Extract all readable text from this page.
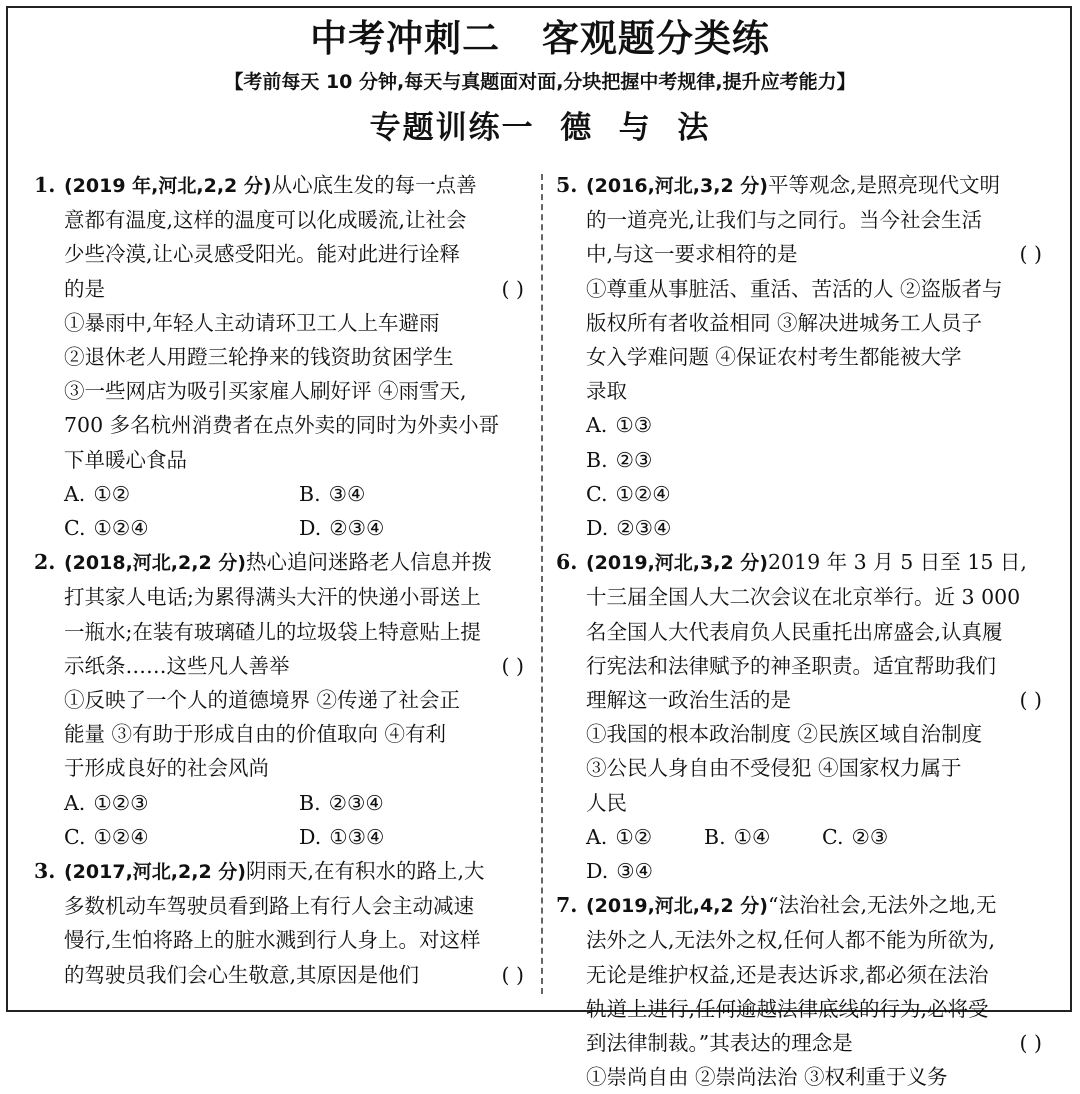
中考冲刺二   客观题分类练
【考前每天 10 分钟,每天与真题面对面,分块把握中考规律,提升应考能力】
专题训练一  德  与  法
1. (2019 年,河北,2,2 分)从心底生发的每一点善
意都有温度,这样的温度可以化成暖流,让社会
少些冷漠,让心灵感受阳光。能对此进行诠释
的是	( )
①暴雨中,年轻人主动请环卫工人上车避雨
②退休老人用蹬三轮挣来的钱资助贫困学生
③一些网店为吸引买家雇人刷好评 ④雨雪天,
700 多名杭州消费者在点外卖的同时为外卖小哥
下单暖心食品
A. ①②	B. ③④
C. ①②④	D. ②③④
2. (2018,河北,2,2 分)热心追问迷路老人信息并拨
打其家人电话;为累得满头大汗的快递小哥送上
一瓶水;在装有玻璃碴儿的垃圾袋上特意贴上提
示纸条……这些凡人善举	( )
①反映了一个人的道德境界 ②传递了社会正
能量 ③有助于形成自由的价值取向 ④有利
于形成良好的社会风尚
A. ①②③	B. ②③④
C. ①②④	D. ①③④
3. (2017,河北,2,2 分)阴雨天,在有积水的路上,大
多数机动车驾驶员看到路上有行人会主动减速
慢行,生怕将路上的脏水溅到行人身上。对这样
的驾驶员我们会心生敬意,其原因是他们	( )
5. (2016,河北,3,2 分)平等观念,是照亮现代文明
的一道亮光,让我们与之同行。当今社会生活
中,与这一要求相符的是	( )
①尊重从事脏活、重活、苦活的人 ②盗版者与
版权所有者收益相同 ③解决进城务工人员子
女入学难问题 ④保证农村考生都能被大学
录取
A. ①③
B. ②③
C. ①②④
D. ②③④
6. (2019,河北,3,2 分)2019 年 3 月 5 日至 15 日,
十三届全国人大二次会议在北京举行。近 3 000
名全国人大代表肩负人民重托出席盛会,认真履
行宪法和法律赋予的神圣职责。适宜帮助我们
理解这一政治生活的是	( )
①我国的根本政治制度 ②民族区域自治制度
③公民人身自由不受侵犯 ④国家权力属于
人民
A. ①②	B. ①④	C. ②③
D. ③④
7. (2019,河北,4,2 分)“法治社会,无法外之地,无
法外之人,无法外之权,任何人都不能为所欲为,
无论是维护权益,还是表达诉求,都必须在法治
轨道上进行,任何逾越法律底线的行为,必将受
到法律制裁。”其表达的理念是	( )
①崇尚自由 ②崇尚法治 ③权利重于义务
